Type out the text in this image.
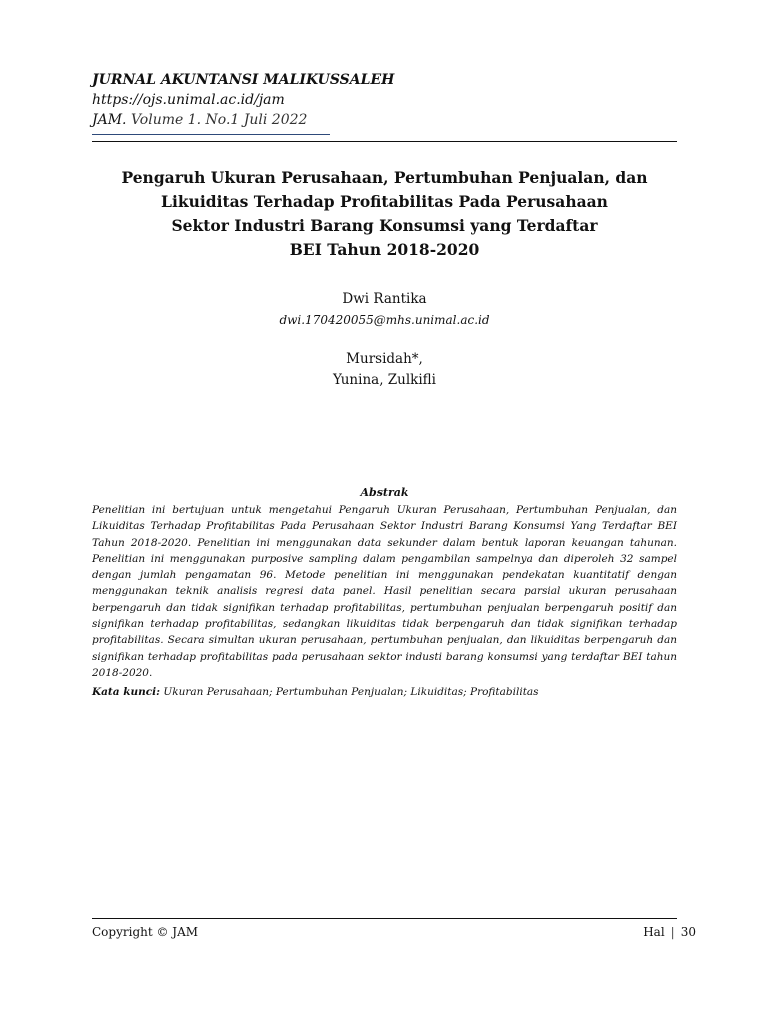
JURNAL AKUNTANSI MALIKUSSALEH
https://ojs.unimal.ac.id/jam
JAM. Volume 1. No.1 Juli 2022
Pengaruh Ukuran Perusahaan, Pertumbuhan Penjualan, dan
Likuiditas Terhadap Profitabilitas Pada Perusahaan
Sektor Industri Barang Konsumsi yang Terdaftar
BEI Tahun 2018-2020
Dwi Rantika
dwi.170420055@mhs.unimal.ac.id
Mursidah*,
Yunina, Zulkifli
Abstrak
Penelitian ini bertujuan untuk mengetahui Pengaruh Ukuran Perusahaan, Pertumbuhan Penjualan, dan Likuiditas Terhadap Profitabilitas Pada Perusahaan Sektor Industri Barang Konsumsi Yang Terdaftar BEI Tahun 2018-2020. Penelitian ini menggunakan data sekunder dalam bentuk laporan keuangan tahunan. Penelitian ini menggunakan purposive sampling dalam pengambilan sampelnya dan diperoleh 32 sampel dengan jumlah pengamatan 96. Metode penelitian ini menggunakan pendekatan kuantitatif dengan menggunakan teknik analisis regresi data panel. Hasil penelitian secara parsial ukuran perusahaan berpengaruh dan tidak signifikan terhadap profitabilitas, pertumbuhan penjualan berpengaruh positif dan signifikan terhadap profitabilitas, sedangkan likuiditas tidak berpengaruh dan tidak signifikan terhadap profitabilitas. Secara simultan ukuran perusahaan, pertumbuhan penjualan, dan likuiditas berpengaruh dan signifikan terhadap profitabilitas pada perusahaan sektor industi barang konsumsi yang terdaftar BEI tahun 2018-2020.
Kata kunci: Ukuran Perusahaan; Pertumbuhan Penjualan; Likuiditas; Profitabilitas
Copyright © JAM	Hal | 30
